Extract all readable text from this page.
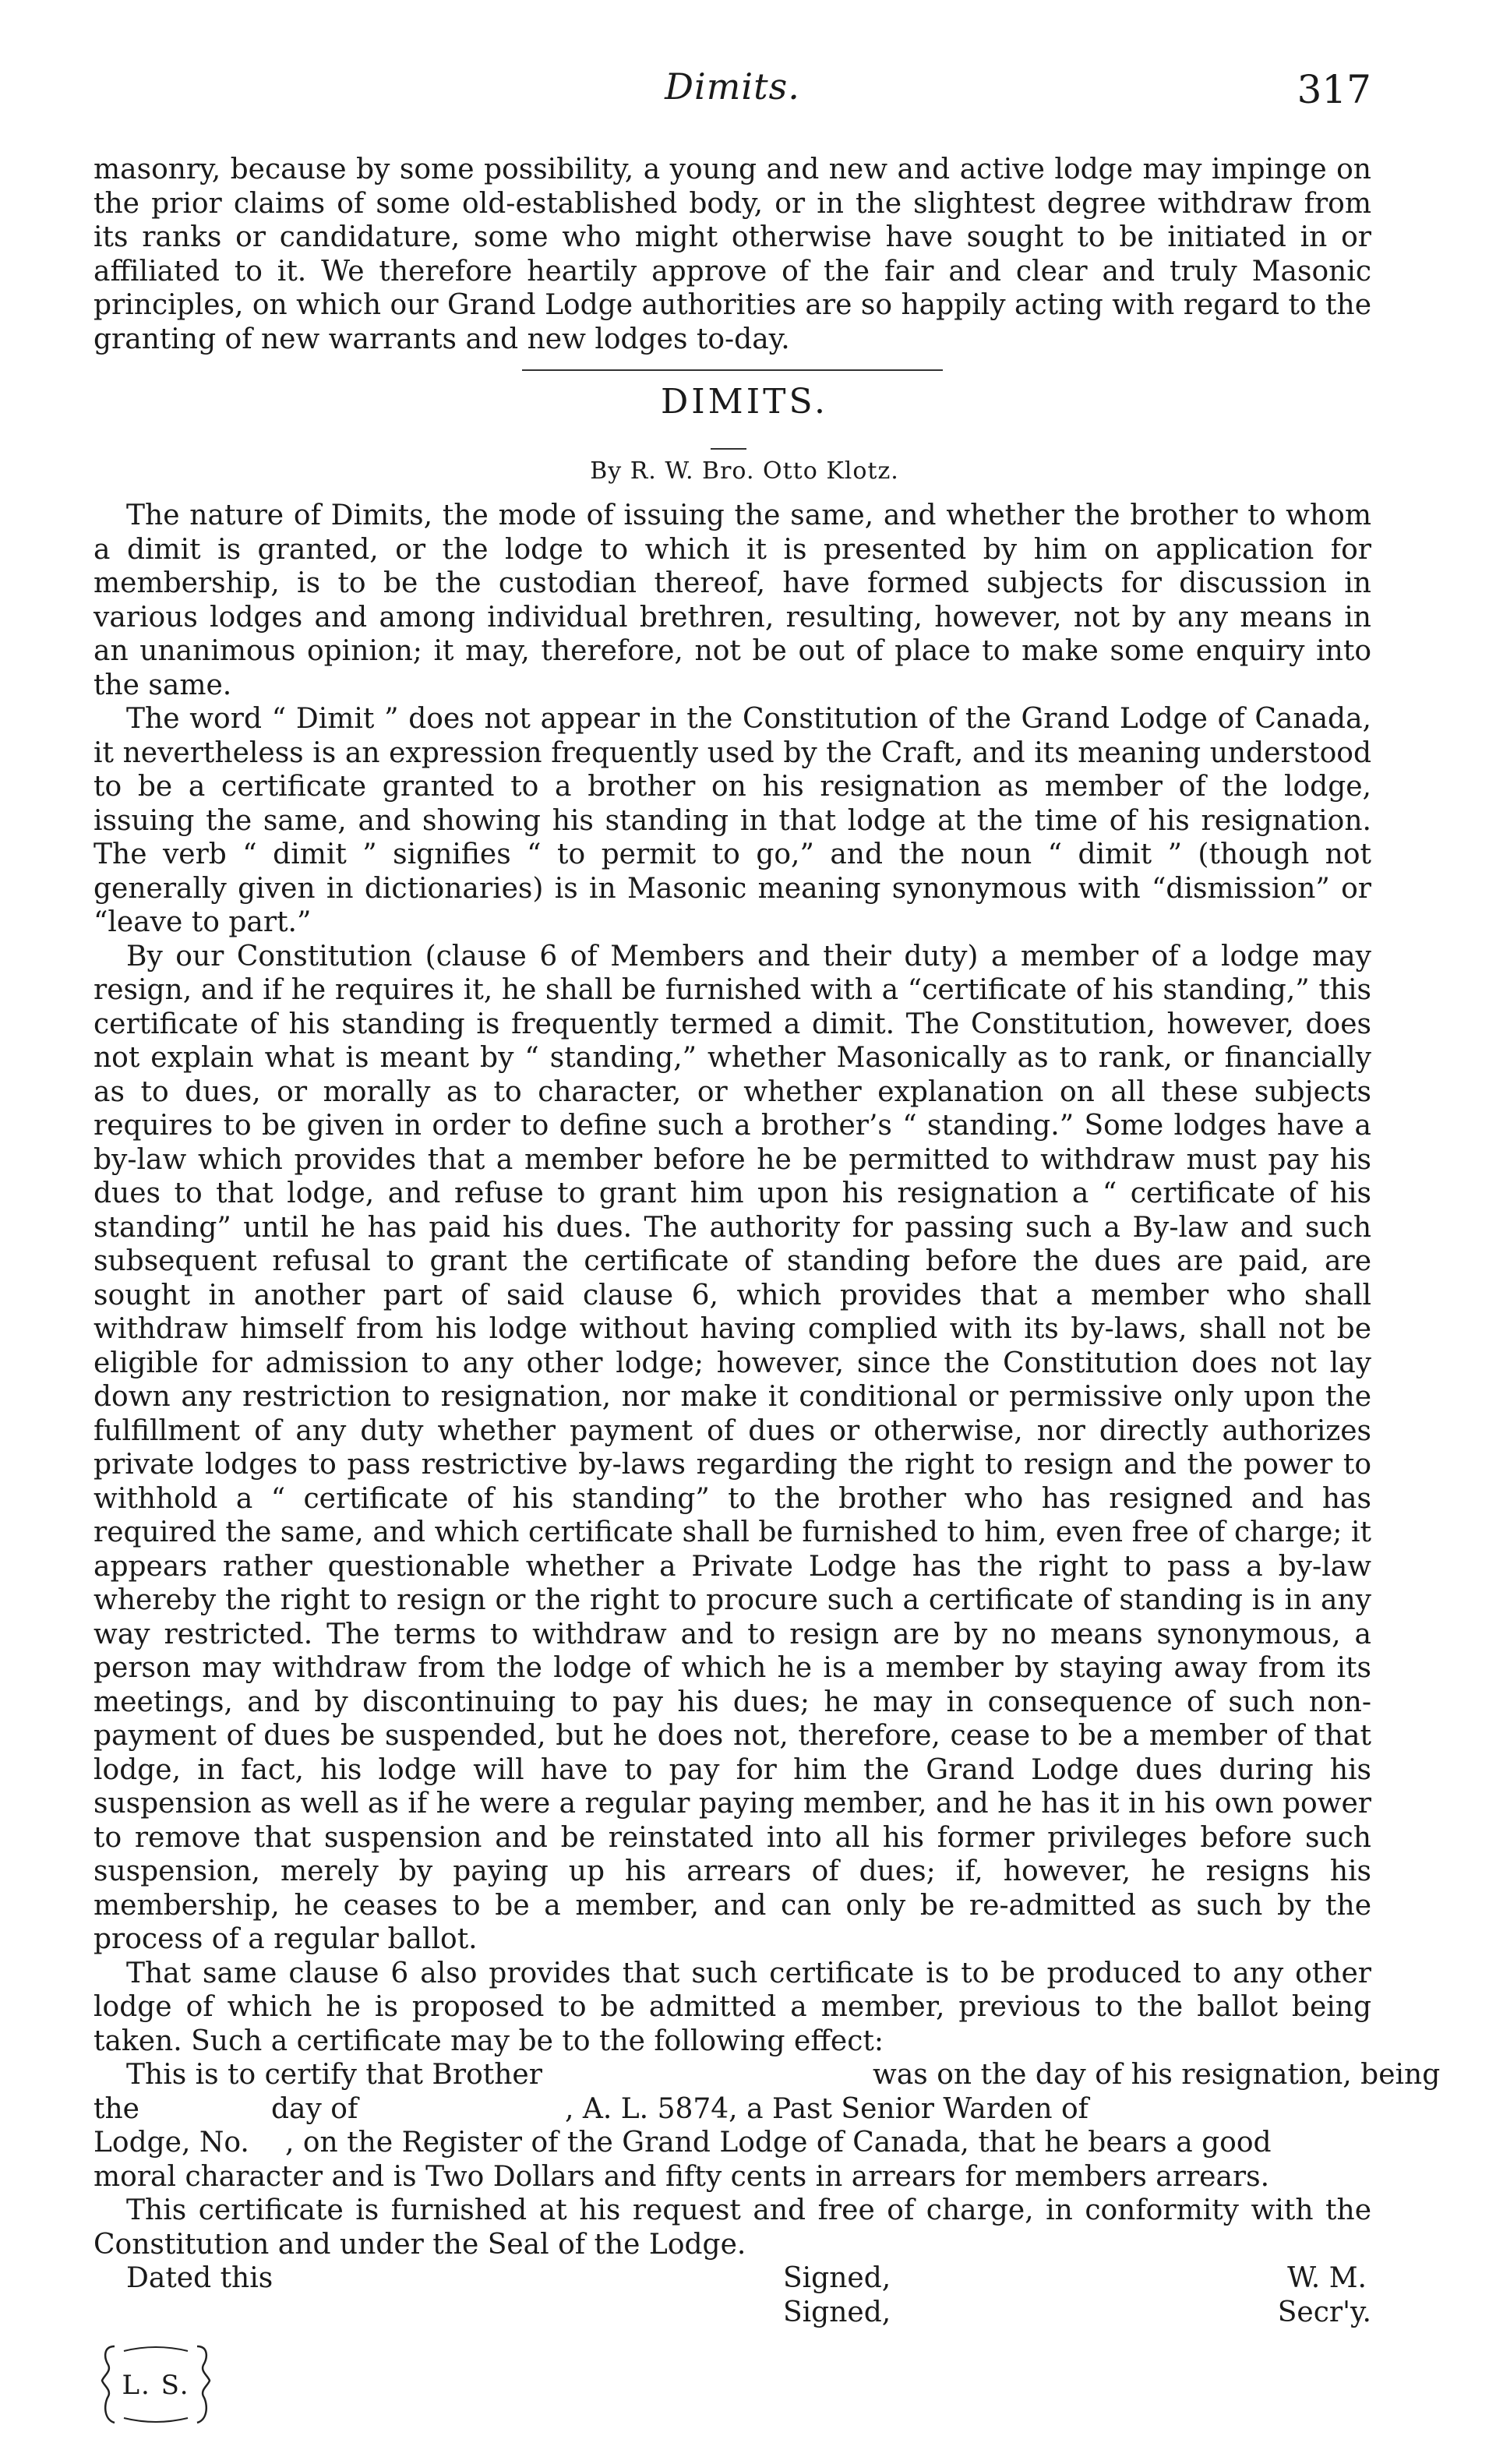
Dimits.	317

masonry, because by some possibility, a young and new and active lodge may impinge on the prior claims of some old-established body, or in the slightest degree withdraw from its ranks or candidature, some who might otherwise have sought to be initiated in or affiliated to it. We therefore heartily approve of the fair and clear and truly Masonic principles, on which our Grand Lodge authorities are so happily acting with regard to the granting of new warrants and new lodges to-day.

DIMITS.
By R. W. Bro. Otto Klotz.

The nature of Dimits, the mode of issuing the same, and whether the brother to whom a dimit is granted, or the lodge to which it is presented by him on application for membership, is to be the custodian thereof, have formed subjects for discussion in various lodges and among individual brethren, resulting, however, not by any means in an unanimous opinion; it may, therefore, not be out of place to make some enquiry into the same.

The word “ Dimit ” does not appear in the Constitution of the Grand Lodge of Canada, it nevertheless is an expression frequently used by the Craft, and its meaning understood to be a certificate granted to a brother on his resignation as member of the lodge, issuing the same, and showing his standing in that lodge at the time of his resignation. The verb “ dimit ” signifies “ to permit to go,” and the noun “ dimit ” (though not generally given in dictionaries) is in Masonic meaning synonymous with “dismission” or “leave to part.”

By our Constitution (clause 6 of Members and their duty) a member of a lodge may resign, and if he requires it, he shall be furnished with a “certificate of his standing,” this certificate of his standing is frequently termed a dimit. The Constitution, however, does not explain what is meant by “ standing,” whether Masonically as to rank, or financially as to dues, or morally as to character, or whether explanation on all these subjects requires to be given in order to define such a brother’s “ standing.” Some lodges have a by-law which provides that a member before he be permitted to withdraw must pay his dues to that lodge, and refuse to grant him upon his resignation a “ certificate of his standing” until he has paid his dues. The authority for passing such a By-law and such subsequent refusal to grant the certificate of standing before the dues are paid, are sought in another part of said clause 6, which provides that a member who shall withdraw himself from his lodge without having complied with its by-laws, shall not be eligible for admission to any other lodge; however, since the Constitution does not lay down any restriction to resignation, nor make it conditional or permissive only upon the fulfillment of any duty whether payment of dues or otherwise, nor directly authorizes private lodges to pass restrictive by-laws regarding the right to resign and the power to withhold a “ certificate of his standing” to the brother who has resigned and has required the same, and which certificate shall be furnished to him, even free of charge; it appears rather questionable whether a Private Lodge has the right to pass a by-law whereby the right to resign or the right to procure such a certificate of standing is in any way restricted. The terms to withdraw and to resign are by no means synonymous, a person may withdraw from the lodge of which he is a member by staying away from its meetings, and by discontinuing to pay his dues; he may in consequence of such non-payment of dues be suspended, but he does not, therefore, cease to be a member of that lodge, in fact, his lodge will have to pay for him the Grand Lodge dues during his suspension as well as if he were a regular paying member, and he has it in his own power to remove that suspension and be reinstated into all his former privileges before such suspension, merely by paying up his arrears of dues; if, however, he resigns his membership, he ceases to be a member, and can only be re-admitted as such by the process of a regular ballot.

That same clause 6 also provides that such certificate is to be produced to any other lodge of which he is proposed to be admitted a member, previous to the ballot being taken. Such a certificate may be to the following effect:

This is to certify that Brother	was on the day of his resignation, being
the	day of	, A. L. 5874, a Past Senior Warden of
Lodge, No. , on the Register of the Grand Lodge of Canada, that he bears a good
moral character and is Two Dollars and fifty cents in arrears for members arrears.

This certificate is furnished at his request and free of charge, in conformity with the Constitution and under the Seal of the Lodge.

Dated this	Signed,	W. M.
Signed,	Secr'y.
L. S.
